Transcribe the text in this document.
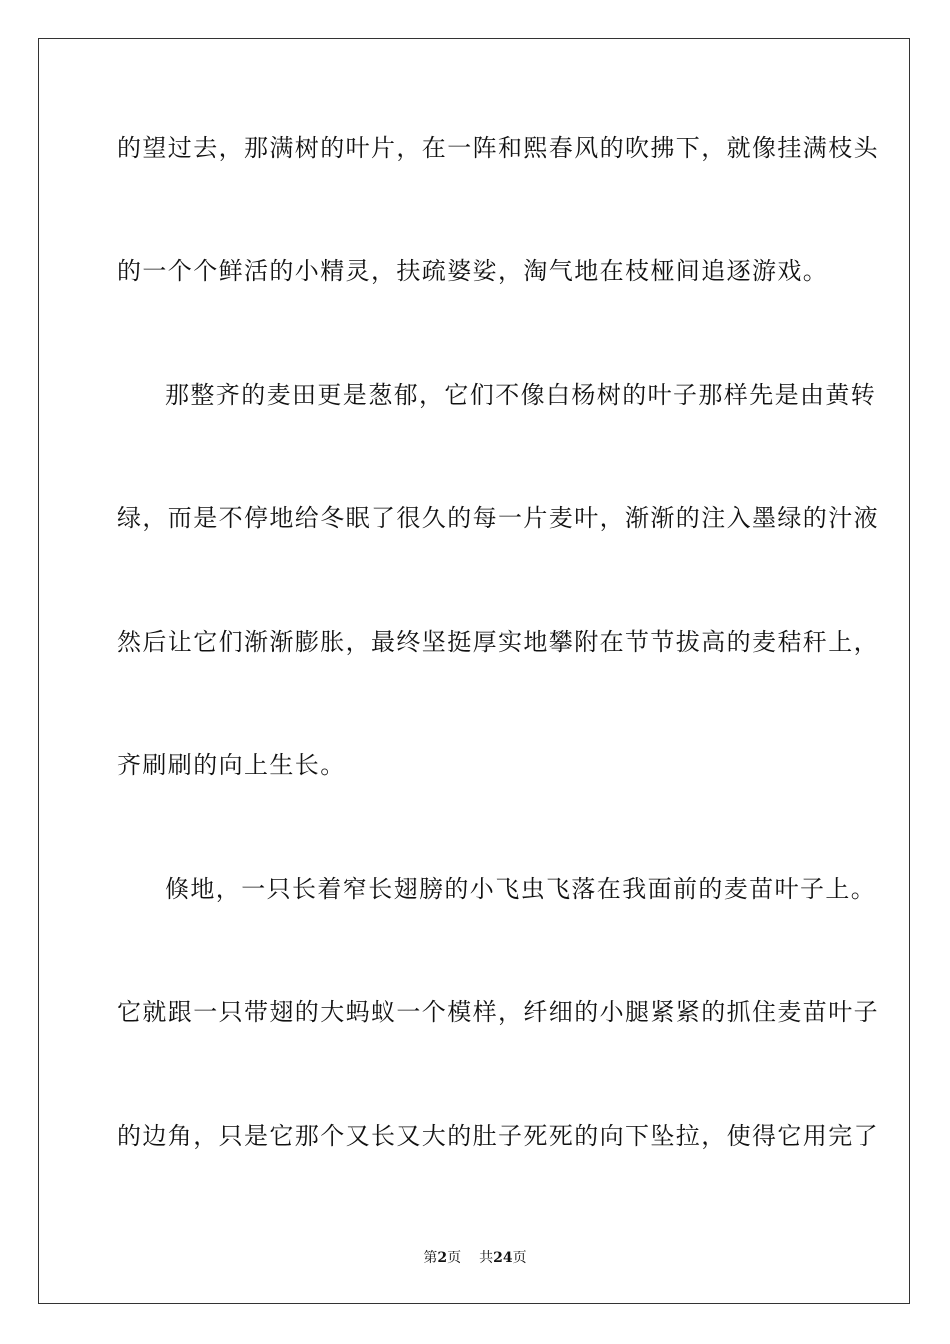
的望过去，那满树的叶片，在一阵和熙春风的吹拂下，就像挂满枝头
的一个个鲜活的小精灵，扶疏婆娑，淘气地在枝桠间追逐游戏。
那整齐的麦田更是葱郁，它们不像白杨树的叶子那样先是由黄转
绿，而是不停地给冬眠了很久的每一片麦叶，渐渐的注入墨绿的汁液
然后让它们渐渐膨胀，最终坚挺厚实地攀附在节节拔高的麦秸秆上，
齐刷刷的向上生长。
倏地，一只长着窄长翅膀的小飞虫飞落在我面前的麦苗叶子上。
它就跟一只带翅的大蚂蚁一个模样，纤细的小腿紧紧的抓住麦苗叶子
的边角，只是它那个又长又大的肚子死死的向下坠拉，使得它用完了
第2页 共24页
